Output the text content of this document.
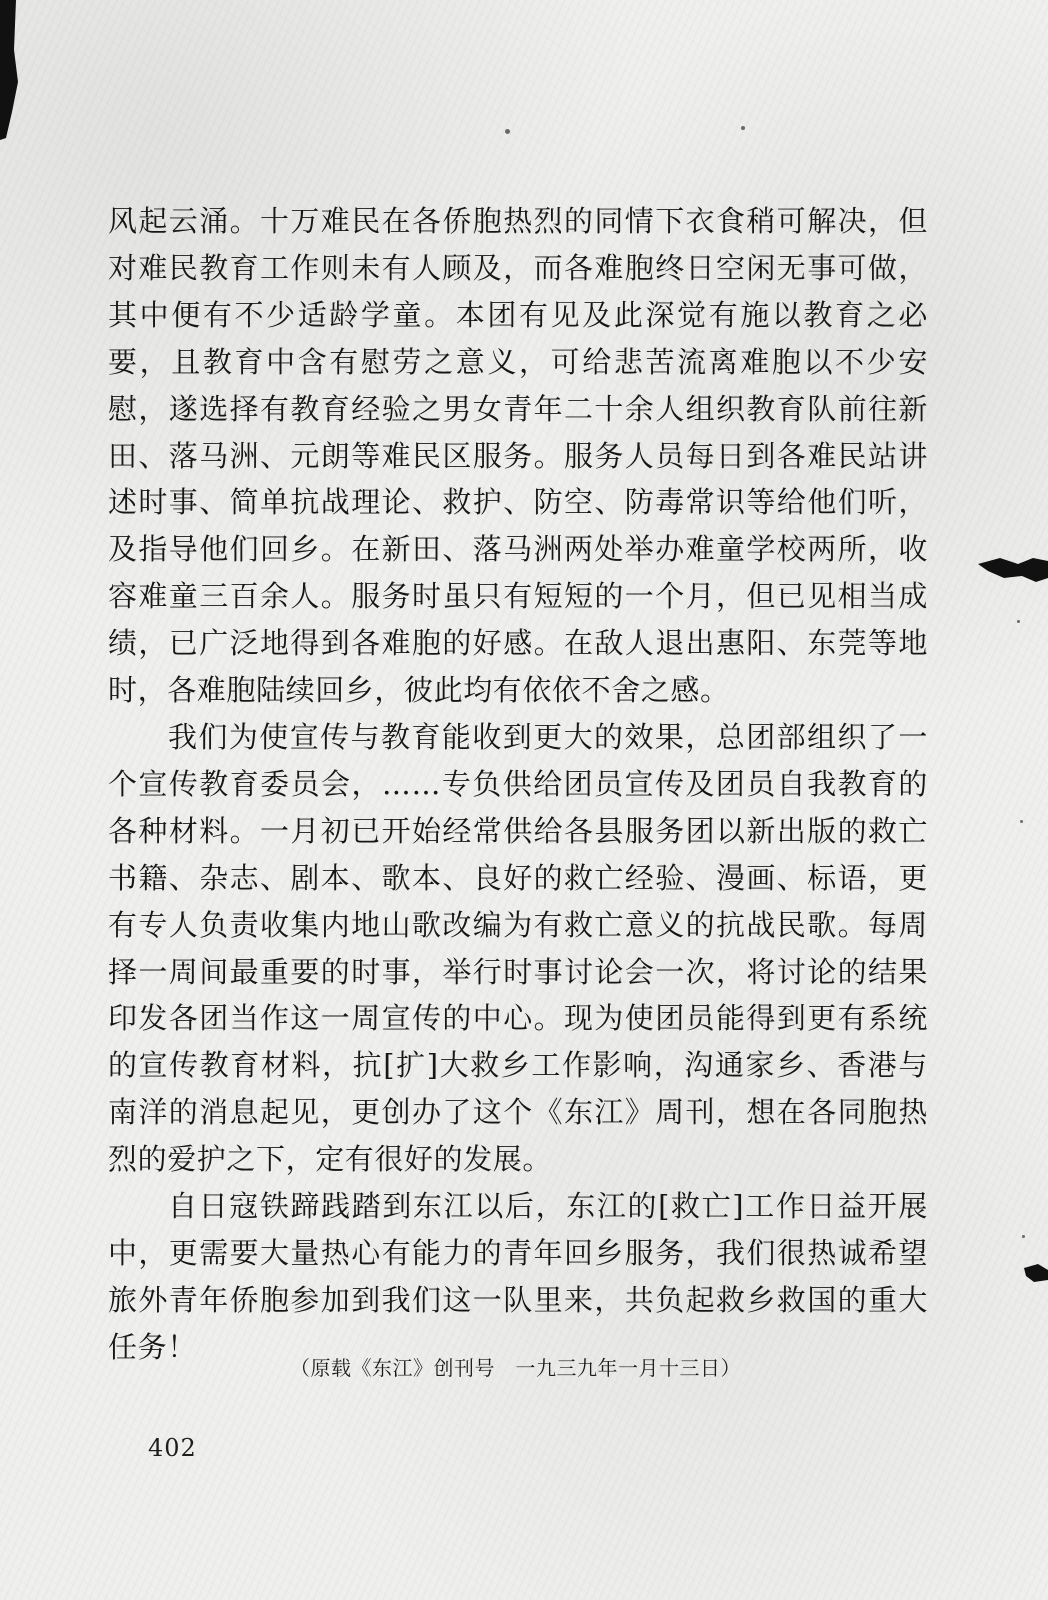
风起云涌。十万难民在各侨胞热烈的同情下衣食稍可解决，但对难民教育工作则未有人顾及，而各难胞终日空闲无事可做，其中便有不少适龄学童。本团有见及此深觉有施以教育之必要，且教育中含有慰劳之意义，可给悲苦流离难胞以不少安慰，遂选择有教育经验之男女青年二十余人组织教育队前往新田、落马洲、元朗等难民区服务。服务人员每日到各难民站讲述时事、简单抗战理论、救护、防空、防毒常识等给他们听，及指导他们回乡。在新田、落马洲两处举办难童学校两所，收容难童三百余人。服务时虽只有短短的一个月，但已见相当成绩，已广泛地得到各难胞的好感。在敌人退出惠阳、东莞等地时，各难胞陆续回乡，彼此均有依依不舍之感。

我们为使宣传与教育能收到更大的效果，总团部组织了一个宣传教育委员会，……专负供给团员宣传及团员自我教育的各种材料。一月初已开始经常供给各县服务团以新出版的救亡书籍、杂志、剧本、歌本、良好的救亡经验、漫画、标语，更有专人负责收集内地山歌改编为有救亡意义的抗战民歌。每周择一周间最重要的时事，举行时事讨论会一次，将讨论的结果印发各团当作这一周宣传的中心。现为使团员能得到更有系统的宣传教育材料，抗[扩]大救乡工作影响，沟通家乡、香港与南洋的消息起见，更创办了这个《东江》周刊，想在各同胞热烈的爱护之下，定有很好的发展。

自日寇铁蹄践踏到东江以后，东江的[救亡]工作日益开展中，更需要大量热心有能力的青年回乡服务，我们很热诚希望旅外青年侨胞参加到我们这一队里来，共负起救乡救国的重大任务！

（原载《东江》创刊号　一九三九年一月十三日）
402
